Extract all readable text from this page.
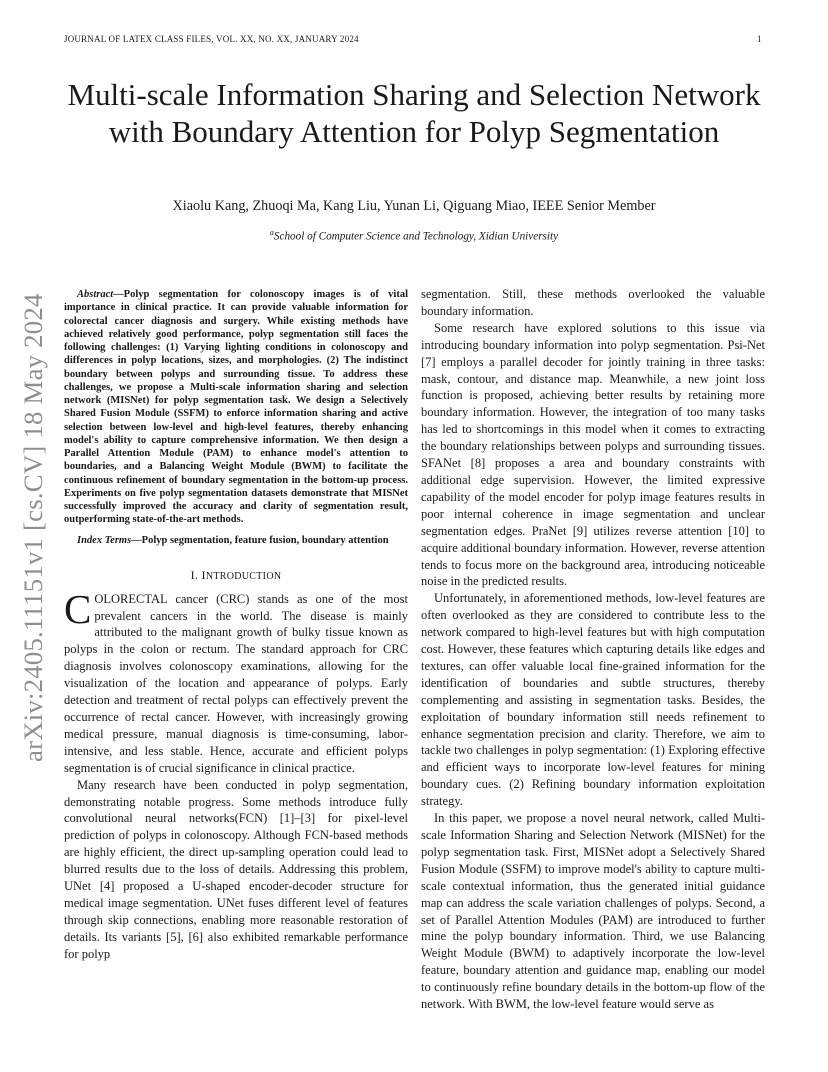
JOURNAL OF LATEX CLASS FILES, VOL. XX, NO. XX, JANUARY 2024	1
Multi-scale Information Sharing and Selection Network with Boundary Attention for Polyp Segmentation
Xiaolu Kang, Zhuoqi Ma, Kang Liu, Yunan Li, Qiguang Miao, IEEE Senior Member
$^a$School of Computer Science and Technology, Xidian University
arXiv:2405.11151v1 [cs.CV] 18 May 2024	Abstract—Polyp segmentation for colonoscopy images is of vital importance in clinical practice. It can provide valuable information for colorectal cancer diagnosis and surgery. While existing methods have achieved relatively good performance, polyp segmentation still faces the following challenges: (1) Varying lighting conditions in colonoscopy and differences in polyp locations, sizes, and morphologies. (2) The indistinct boundary between polyps and surrounding tissue. To address these challenges, we propose a Multi-scale information sharing and selection network (MISNet) for polyp segmentation task. We design a Selectively Shared Fusion Module (SSFM) to enforce information sharing and active selection between low-level and high-level features, thereby enhancing model's ability to capture comprehensive information. We then design a Parallel Attention Module (PAM) to enhance model's attention to boundaries, and a Balancing Weight Module (BWM) to facilitate the continuous refinement of boundary segmentation in the bottom-up process. Experiments on five polyp segmentation datasets demonstrate that MISNet successfully improved the accuracy and clarity of segmentation result, outperforming state-of-the-art methods.

Index Terms—Polyp segmentation, feature fusion, boundary attention

I. INTRODUCTION

COLORECTAL cancer (CRC) stands as one of the most prevalent cancers in the world. The disease is mainly attributed to the malignant growth of bulky tissue known as polyps in the colon or rectum. The standard approach for CRC diagnosis involves colonoscopy examinations, allowing for the visualization of the location and appearance of polyps. Early detection and treatment of rectal polyps can effectively prevent the occurrence of rectal cancer. However, with increasingly growing medical pressure, manual diagnosis is time-consuming, labor-intensive, and less stable. Hence, accurate and efficient polyps segmentation is of crucial significance in clinical practice.

Many research have been conducted in polyp segmentation, demonstrating notable progress. Some methods introduce fully convolutional neural networks(FCN) [1]–[3] for pixel-level prediction of polyps in colonoscopy. Although FCN-based methods are highly efficient, the direct up-sampling operation could lead to blurred results due to the loss of details. Addressing this problem, UNet [4] proposed a U-shaped encoder-decoder structure for medical image segmentation. UNet fuses different level of features through skip connections, enabling more reasonable restoration of details. Its variants [5], [6] also exhibited remarkable performance for polyp

segmentation. Still, these methods overlooked the valuable boundary information.

Some research have explored solutions to this issue via introducing boundary information into polyp segmentation. Psi-Net [7] employs a parallel decoder for jointly training in three tasks: mask, contour, and distance map. Meanwhile, a new joint loss function is proposed, achieving better results by retaining more boundary information. However, the integration of too many tasks has led to shortcomings in this model when it comes to extracting the boundary relationships between polyps and surrounding tissues. SFANet [8] proposes a area and boundary constraints with additional edge supervision. However, the limited expressive capability of the model encoder for polyp image features results in poor internal coherence in image segmentation and unclear segmentation edges. PraNet [9] utilizes reverse attention [10] to acquire additional boundary information. However, reverse attention tends to focus more on the background area, introducing noticeable noise in the predicted results.

Unfortunately, in aforementioned methods, low-level features are often overlooked as they are considered to contribute less to the network compared to high-level features but with high computation cost. However, these features which capturing details like edges and textures, can offer valuable local fine-grained information for the identification of boundaries and subtle structures, thereby complementing and assisting in segmentation tasks. Besides, the exploitation of boundary information still needs refinement to enhance segmentation precision and clarity. Therefore, we aim to tackle two challenges in polyp segmentation: (1) Exploring effective and efficient ways to incorporate low-level features for mining boundary cues. (2) Refining boundary information exploitation strategy.

In this paper, we propose a novel neural network, called Multi-scale Information Sharing and Selection Network (MISNet) for the polyp segmentation task. First, MISNet adopt a Selectively Shared Fusion Module (SSFM) to improve model's ability to capture multi-scale contextual information, thus the generated initial guidance map can address the scale variation challenges of polyps. Second, a set of Parallel Attention Modules (PAM) are introduced to further mine the polyp boundary information. Third, we use Balancing Weight Module (BWM) to adaptively incorporate the low-level feature, boundary attention and guidance map, enabling our model to continuously refine boundary details in the bottom-up flow of the network. With BWM, the low-level feature would serve as
